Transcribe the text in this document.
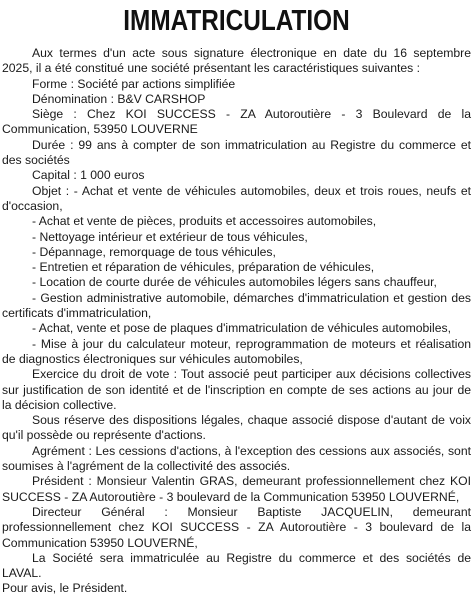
IMMATRICULATION

Aux termes d'un acte sous signature électronique en date du 16 septembre 2025, il a été constitué une société présentant les caractéristiques suivantes :

Forme : Société par actions simplifiée

Dénomination : B&V CARSHOP

Siège : Chez KOI SUCCESS - ZA Autoroutière - 3 Boulevard de la Communication, 53950 LOUVERNE

Durée : 99 ans à compter de son immatriculation au Registre du commerce et des sociétés

Capital : 1 000 euros

Objet : - Achat et vente de véhicules automobiles, deux et trois roues, neufs et d'occasion,

- Achat et vente de pièces, produits et accessoires automobiles,

- Nettoyage intérieur et extérieur de tous véhicules,

- Dépannage, remorquage de tous véhicules,

- Entretien et réparation de véhicules, préparation de véhicules,

- Location de courte durée de véhicules automobiles légers sans chauffeur,

- Gestion administrative automobile, démarches d'immatriculation et gestion des certificats d'immatriculation,

- Achat, vente et pose de plaques d'immatriculation de véhicules automobiles,

- Mise à jour du calculateur moteur, reprogrammation de moteurs et réalisation de diagnostics électroniques sur véhicules automobiles,

Exercice du droit de vote : Tout associé peut participer aux décisions collectives sur justification de son identité et de l'inscription en compte de ses actions au jour de la décision collective.

Sous réserve des dispositions légales, chaque associé dispose d'autant de voix qu'il possède ou représente d'actions.

Agrément : Les cessions d'actions, à l'exception des cessions aux associés, sont soumises à l'agrément de la collectivité des associés.

Président : Monsieur Valentin GRAS, demeurant professionnellement chez KOI SUCCESS - ZA Autoroutière - 3 boulevard de la Communication 53950 LOUVERNÉ,

Directeur Général : Monsieur Baptiste JACQUELIN, demeurant professionnellement chez KOI SUCCESS - ZA Autoroutière - 3 boulevard de la Communication 53950 LOUVERNÉ,

La Société sera immatriculée au Registre du commerce et des sociétés de LAVAL.

Pour avis, le Président.
